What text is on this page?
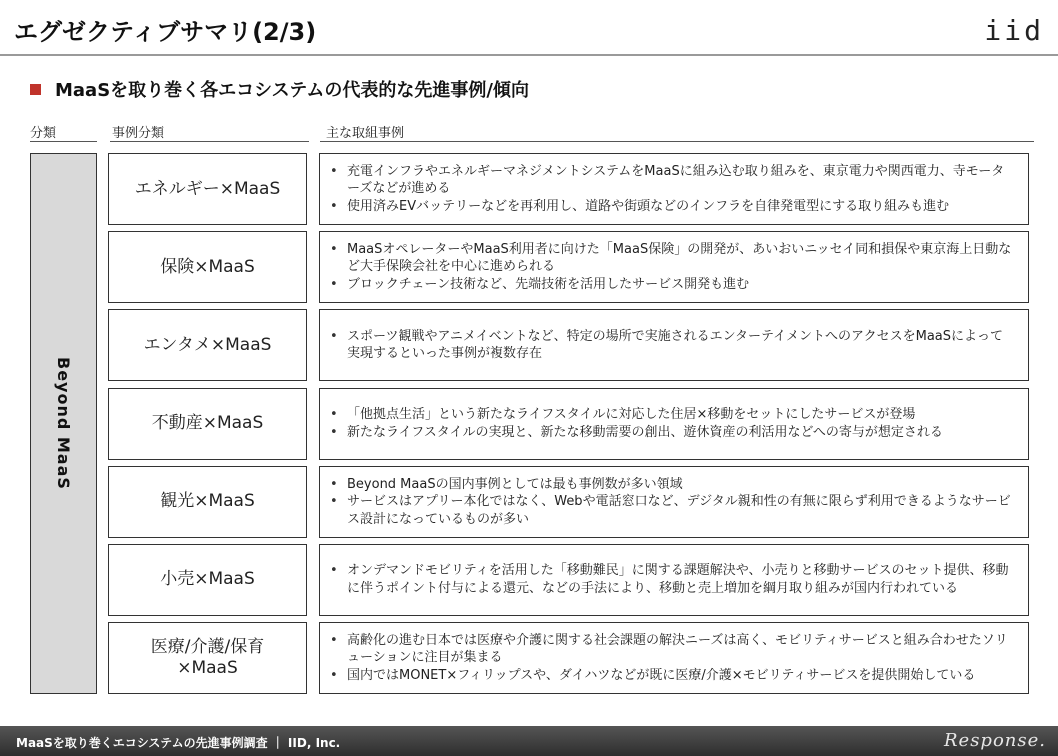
エグゼクティブサマリ(2/3)	iid
MaaSを取り巻く各エコシステムの代表的な先進事例/傾向
分類	事例分類	主な取組事例
Beyond MaaS
エネルギー×MaaS
• 充電インフラやエネルギーマネジメントシステムをMaaSに組み込む取り組みを、東京電力や関西電力、寺モーターズなどが進める
• 使用済みEVバッテリーなどを再利用し、道路や街頭などのインフラを自律発電型にする取り組みも進む
保険×MaaS
• MaaSオペレーターやMaaS利用者に向けた「MaaS保険」の開発が、あいおいニッセイ同和損保や東京海上日動など大手保険会社を中心に進められる
• ブロックチェーン技術など、先端技術を活用したサービス開発も進む
エンタメ×MaaS	• スポーツ観戦やアニメイベントなど、特定の場所で実施されるエンターテイメントへのアクセスをMaaSによって実現するといった事例が複数存在
不動産×MaaS	• 「他拠点生活」という新たなライフスタイルに対応した住居×移動をセットにしたサービスが登場
• 新たなライフスタイルの実現と、新たな移動需要の創出、遊休資産の利活用などへの寄与が想定される
観光×MaaS
• Beyond MaaSの国内事例としては最も事例数が多い領域
• サービスはアプリー本化ではなく、Webや電話窓口など、デジタル親和性の有無に限らず利用できるようなサービス設計になっているものが多い
小売×MaaS	• オンデマンドモビリティを活用した「移動難民」に関する課題解決や、小売りと移動サービスのセット提供、移動に伴うポイント付与による還元、などの手法により、移動と売上増加を綱月取り組みが国内行われている
医療/介護/保育
×MaaS
• 高齢化の進む日本では医療や介護に関する社会課題の解決ニーズは高く、モビリティサービスと組み合わせたソリューションに注目が集まる
• 国内ではMONET×フィリップスや、ダイハツなどが既に医療/介護×モビリティサービスを提供開始している
MaaSを取り巻くエコシステムの先進事例調査 ｜ IID, Inc.	Response.
